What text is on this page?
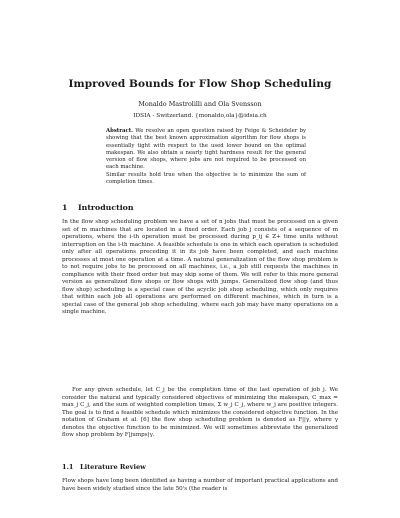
Improved Bounds for Flow Shop Scheduling
Monaldo Mastrolilli and Ola Svensson
IDSIA - Switzerland. {monaldo,ola}@idsia.ch
Abstract. We resolve an open question raised by Feige & Scheideler by showing that the best known approximation algorithm for flow shops is essentially tight with respect to the used lower bound on the optimal makespan. We also obtain a nearly tight hardness result for the general version of flow shops, where jobs are not required to be processed on each machine.
Similar results hold true when the objective is to minimize the sum of completion times.
1 Introduction
In the flow shop scheduling problem we have a set of n jobs that must be processed on a given set of m machines that are located in a fixed order. Each job j consists of a sequence of m operations, where the i-th operation must be processed during p_ij ∈ Z+ time units without interruption on the i-th machine. A feasible schedule is one in which each operation is scheduled only after all operations preceding it in its job have been completed, and each machine processes at most one operation at a time. A natural generalization of the flow shop problem is to not require jobs to be processed on all machines, i.e., a job still requests the machines in compliance with their fixed order but may skip some of them. We will refer to this more general version as generalized flow shops or flow shops with jumps. Generalized flow shop (and thus flow shop) scheduling is a special case of the acyclic job shop scheduling, which only requires that within each job all operations are performed on different machines, which in turn is a special case of the general job shop scheduling, where each job may have many operations on a single machine.
For any given schedule, let C_j be the completion time of the last operation of job j. We consider the natural and typically considered objectives of minimizing the makespan, C_max = max_j C_j, and the sum of weighted completion times, Σ w_j C_j, where w_j are positive integers. The goal is to find a feasible schedule which minimizes the considered objective function. In the notation of Graham et al. [6] the flow shop scheduling problem is denoted as F||γ, where γ denotes the objective function to be minimized. We will sometimes abbreviate the generalized flow shop problem by F|jumps|γ.
1.1 Literature Review
Flow shops have long been identified as having a number of important practical applications and have been widely studied since the late 50's (the reader is
